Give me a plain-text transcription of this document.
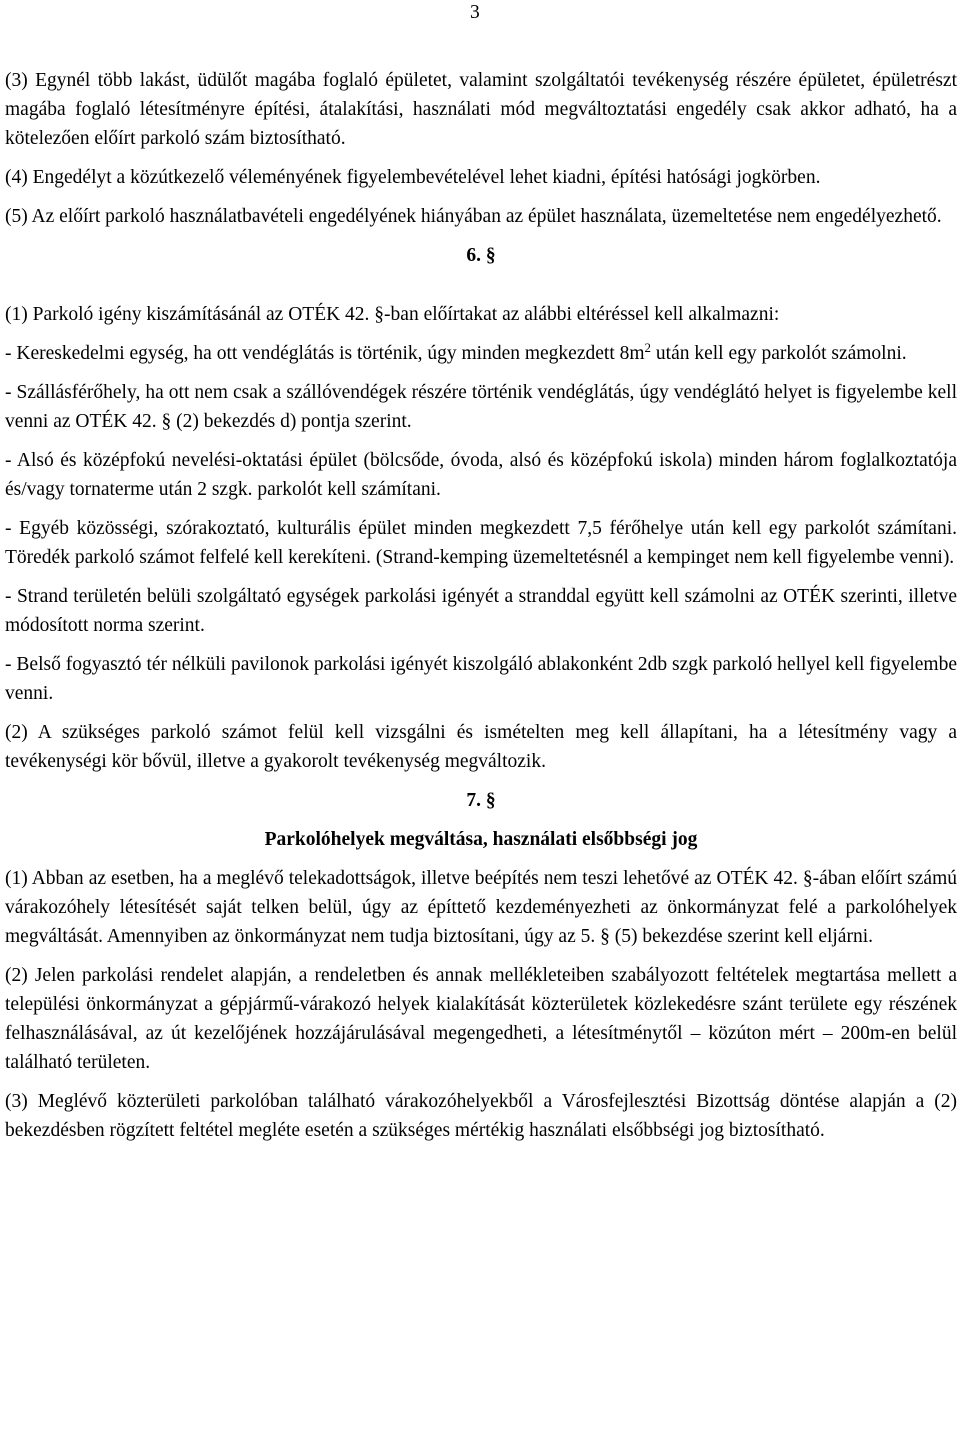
3

(3) Egynél több lakást, üdülőt magába foglaló épületet, valamint szolgáltatói tevékenység részére épületet, épületrészt magába foglaló létesítményre építési, átalakítási, használati mód megváltoztatási engedély csak akkor adható, ha a kötelezően előírt parkoló szám biztosítható.

(4) Engedélyt a közútkezelő véleményének figyelembevételével lehet kiadni, építési hatósági jogkörben.

(5) Az előírt parkoló használatbavételi engedélyének hiányában az épület használata, üzemeltetése nem engedélyezhető.

6. §

(1) Parkoló igény kiszámításánál az OTÉK 42. §-ban előírtakat az alábbi eltéréssel kell alkalmazni:

- Kereskedelmi egység, ha ott vendéglátás is történik, úgy minden megkezdett $8m^2$ után kell egy parkolót számolni.

- Szállásférőhely, ha ott nem csak a szállóvendégek részére történik vendéglátás, úgy vendéglátó helyet is figyelembe kell venni az OTÉK 42. § (2) bekezdés d) pontja szerint.

- Alsó és középfokú nevelési-oktatási épület (bölcsőde, óvoda, alsó és középfokú iskola) minden három foglalkoztatója és/vagy tornaterme után 2 szgk. parkolót kell számítani.

- Egyéb közösségi, szórakoztató, kulturális épület minden megkezdett 7,5 férőhelye után kell egy parkolót számítani. Töredék parkoló számot felfelé kell kerekíteni. (Strand-kemping üzemeltetésnél a kempinget nem kell figyelembe venni).

- Strand területén belüli szolgáltató egységek parkolási igényét a stranddal együtt kell számolni az OTÉK szerinti, illetve módosított norma szerint.

- Belső fogyasztó tér nélküli pavilonok parkolási igényét kiszolgáló ablakonként 2db szgk parkoló hellyel kell figyelembe venni.

(2) A szükséges parkoló számot felül kell vizsgálni és ismételten meg kell állapítani, ha a létesítmény vagy a tevékenységi kör bővül, illetve a gyakorolt tevékenység megváltozik.

7. §

Parkolóhelyek megváltása, használati elsőbbségi jog

(1) Abban az esetben, ha a meglévő telekadottságok, illetve beépítés nem teszi lehetővé az OTÉK 42. §-ában előírt számú várakozóhely létesítését saját telken belül, úgy az építtető kezdeményezheti az önkormányzat felé a parkolóhelyek megváltását. Amennyiben az önkormányzat nem tudja biztosítani, úgy az 5. § (5) bekezdése szerint kell eljárni.

(2) Jelen parkolási rendelet alapján, a rendeletben és annak mellékleteiben szabályozott feltételek megtartása mellett a települési önkormányzat a gépjármű-várakozó helyek kialakítását közterületek közlekedésre szánt területe egy részének felhasználásával, az út kezelőjének hozzájárulásával megengedheti, a létesítménytől – közúton mért – 200m-en belül található területen.

(3) Meglévő közterületi parkolóban található várakozóhelyekből a Városfejlesztési Bizottság döntése alapján a (2) bekezdésben rögzített feltétel megléte esetén a szükséges mértékig használati elsőbbségi jog biztosítható.
